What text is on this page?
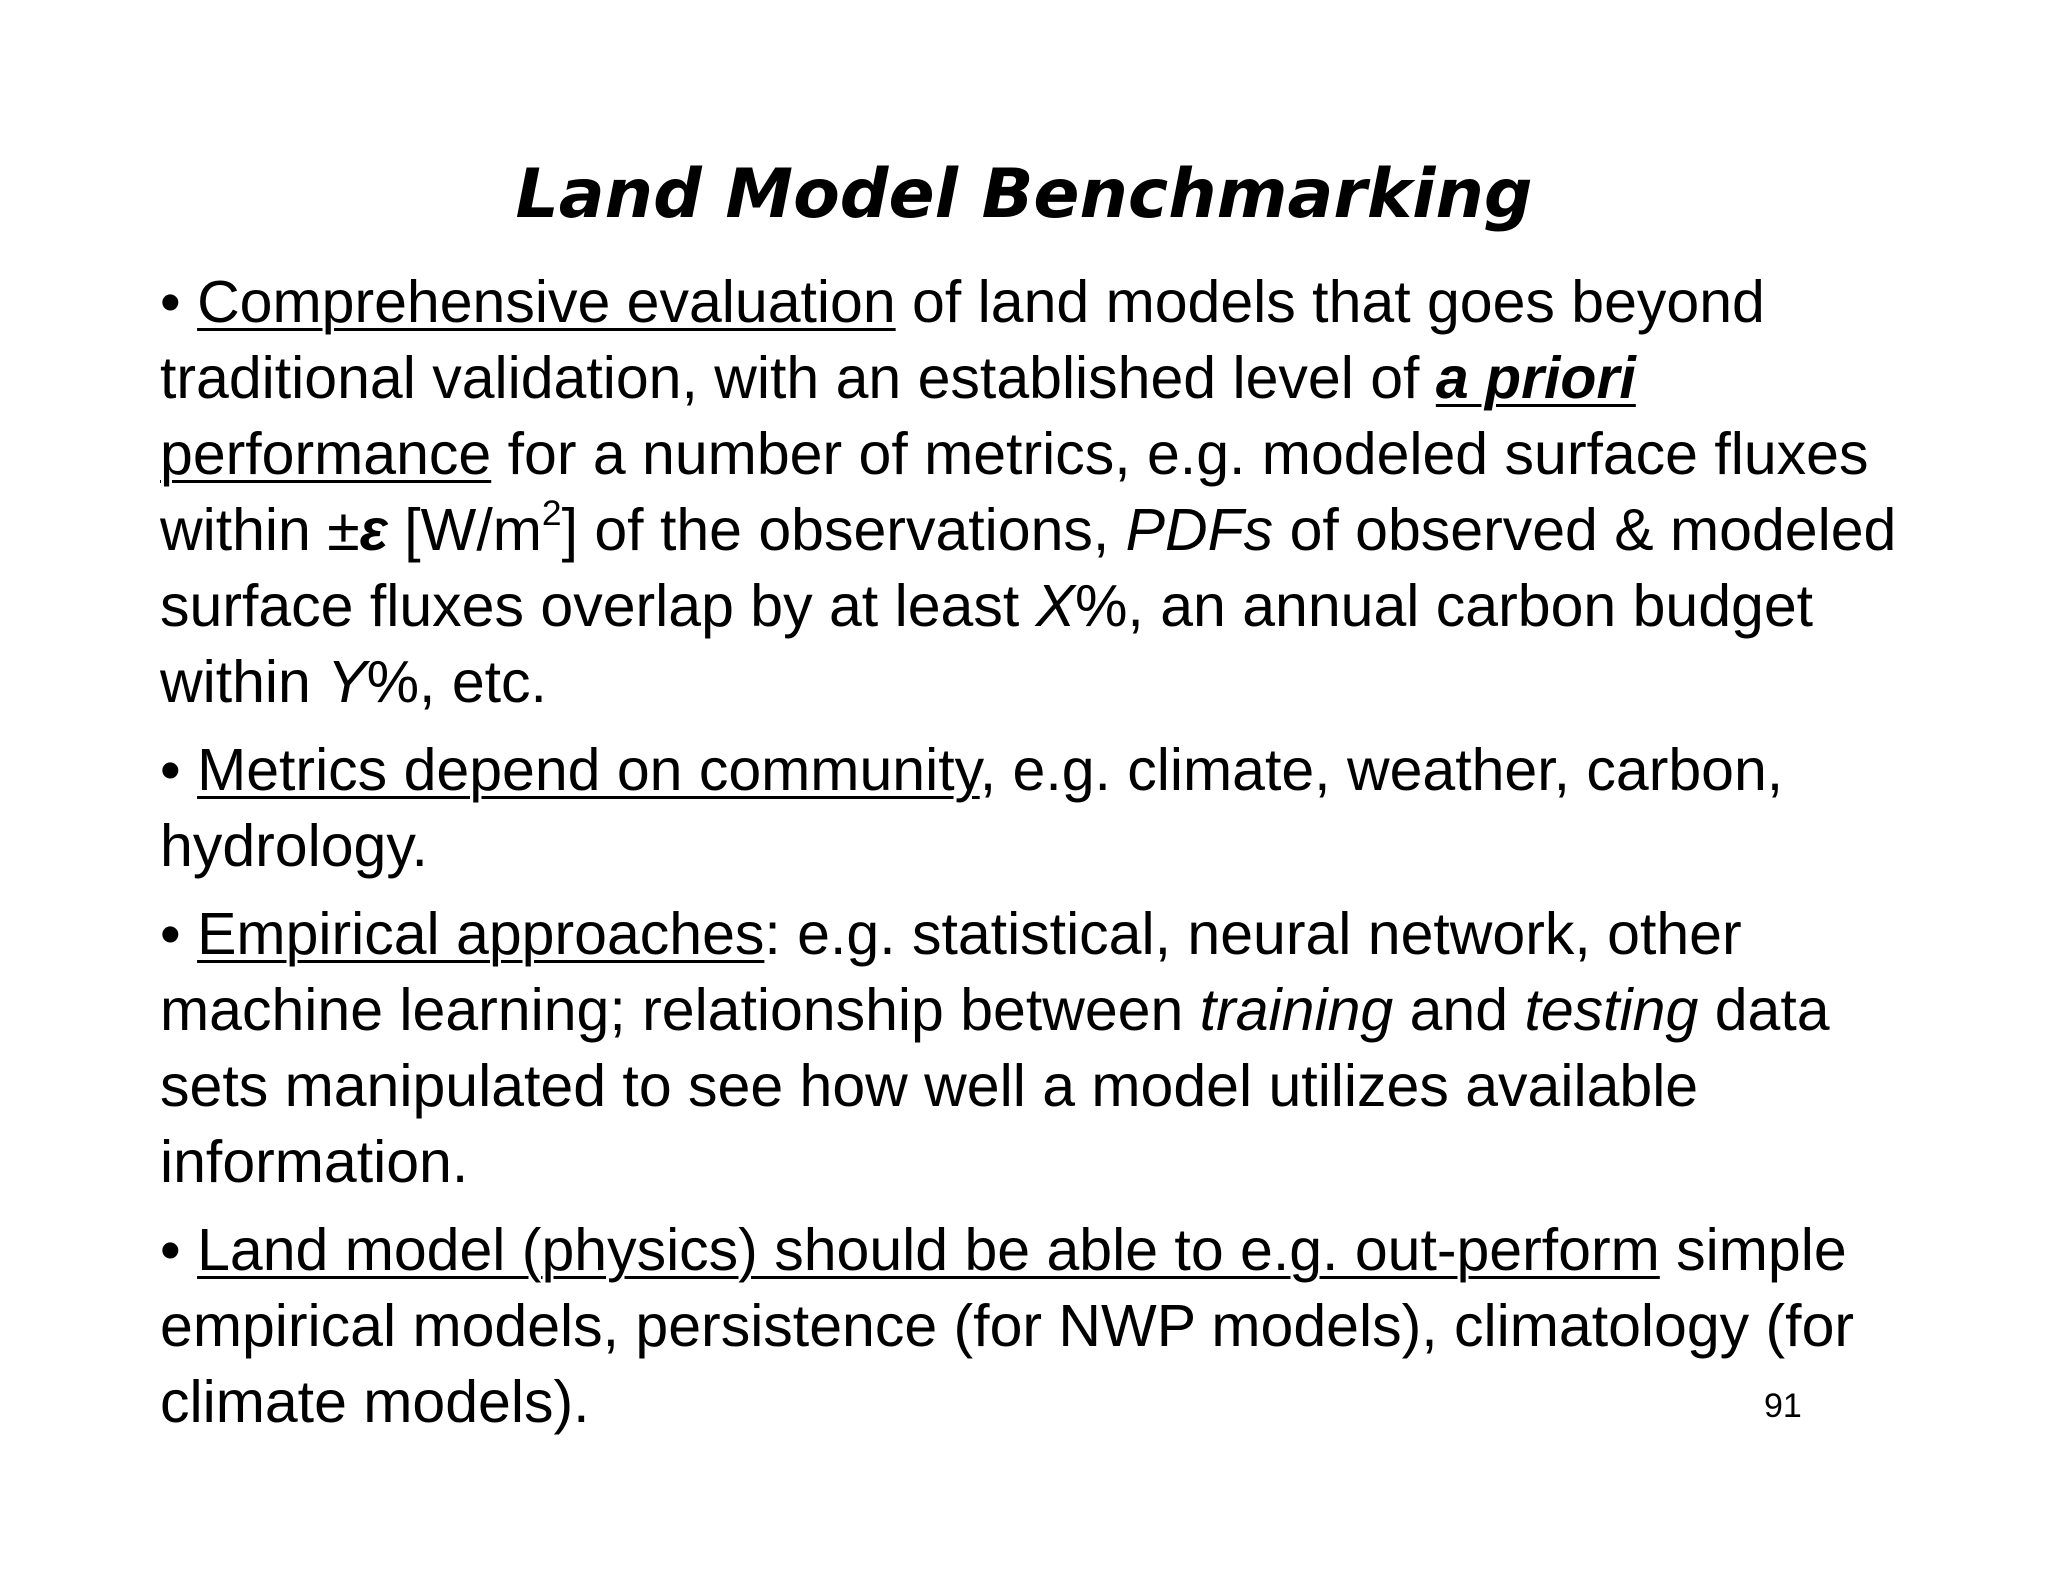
Land Model Benchmarking

• Comprehensive evaluation of land models that goes beyond traditional validation, with an established level of a priori performance for a number of metrics, e.g. modeled surface fluxes within ±ε $[W/m^2]$ of the observations, PDFs of observed & modeled surface fluxes overlap by at least X%, an annual carbon budget within Y%, etc.

• Metrics depend on community, e.g. climate, weather, carbon, hydrology.

• Empirical approaches: e.g. statistical, neural network, other machine learning; relationship between training and testing data sets manipulated to see how well a model utilizes available information.

• Land model (physics) should be able to e.g. out-perform simple empirical models, persistence (for NWP models), climatology (for climate models).	91
